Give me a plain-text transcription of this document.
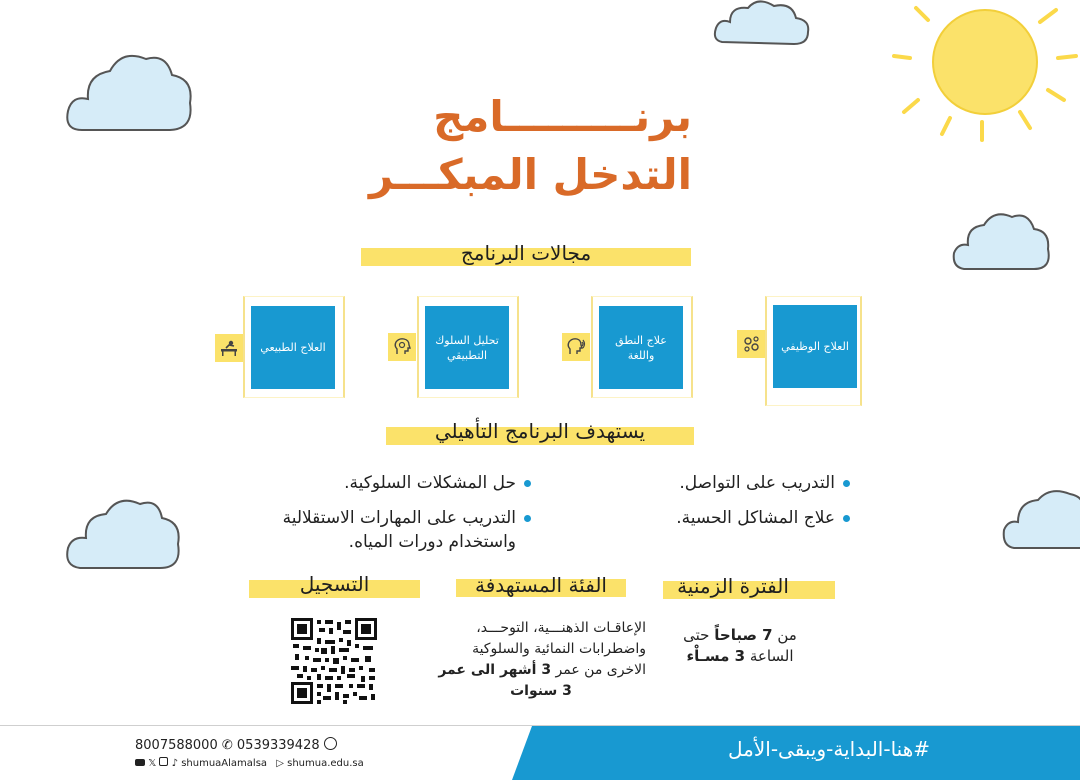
برنـــــــــامج
التدخل المبكـــر
مجالات البرنامج
العلاج الطبيعي
تحليل السلوك التطبيقي
علاج النطق واللغة
العلاج الوظيفي
يستهدف البرنامج التأهيلي
التدريب على التواصل.
علاج المشاكل الحسية.
حل المشكلات السلوكية.
التدريب على المهارات الاستقلالية
واستخدام دورات المياه.
الفترة الزمنية
الفئة المستهدفة
التسجيل
من 7 صباحاً حتى
الساعة 3 مسـاْء
الإعاقـات الذهنـــية، التوحـــد،
واضطرابات النمائية والسلوكية
الاخرى من عمر 3 أشهر الى عمر
3 سنوات
#هنا-البداية-ويبقى-الأمل
8007588000 ✆ 0539339428
𝕏 ♪ shumuaAlamalsa ▷ shumua.edu.sa
